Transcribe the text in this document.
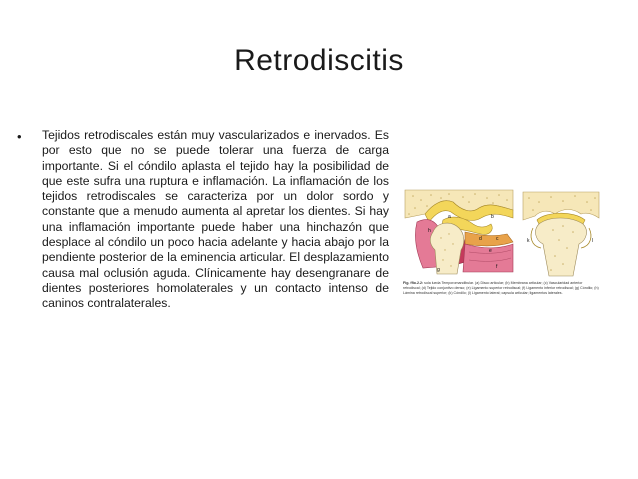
Retrodiscitis
• Tejidos retrodiscales están muy vascularizados e inervados. Es por esto que no se puede tolerar una fuerza de carga importante. Si el cóndilo aplasta el tejido hay la posibilidad de que este sufra una ruptura e inflamación. La inflamación de los tejidos retrodiscales se caracteriza por un dolor sordo y constante que a menudo aumenta al apretar los dientes. Si hay una inflamación importante puede haber una hinchazón que desplace al cóndilo un poco hacia adelante y hacia abajo por la pendiente posterior de la eminencia articular. El desplazamiento causa mal oclusión aguda. Clínicamente hay desengranare de dientes posteriores homolaterales y un contacto intenso de caninos contralaterales.
a	b
c
d
e
f
g
h
k	l
Fig. ffio.2.2: sola lueda Temporomandibular. (a) Disco articular; (b) Membrana articular; (c) Vascularidad anterior retrodiscal; (d) Tejido conjuntivo denso; (e) Ligamento superior retrodiscal; (f) Ligamento inferior retrodiscal; (g) Cóndilo; (h) Lámina retrodiscal superior; (k) Cóndilo; (l) Ligamento lateral; capsula articular; ligamentos laterales.
